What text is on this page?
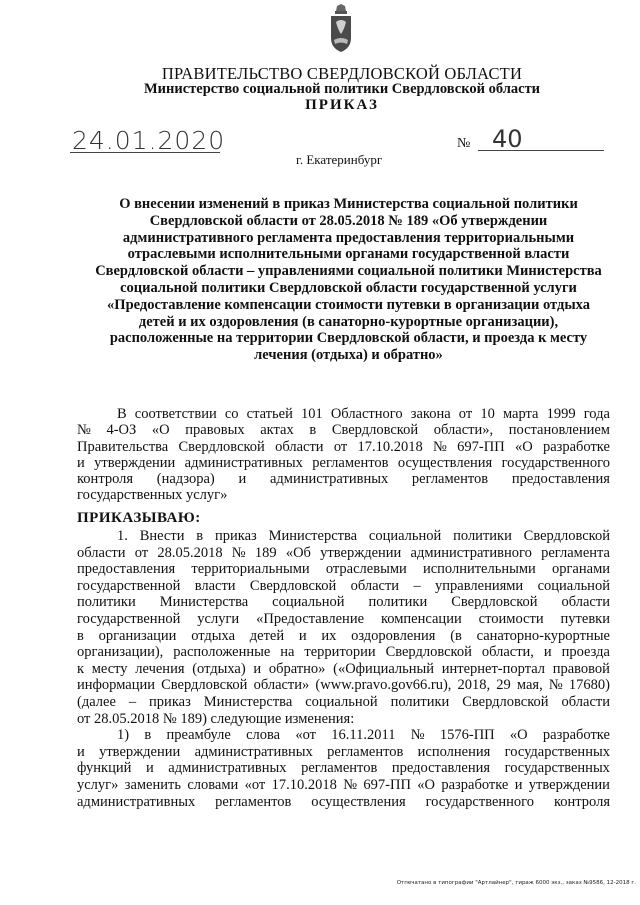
ПРАВИТЕЛЬСТВО СВЕРДЛОВСКОЙ ОБЛАСТИ
Министерство социальной политики Свердловской области
ПРИКАЗ
24.01.2020	№ 40
г. Екатеринбург
О внесении изменений в приказ Министерства социальной политики
Свердловской области от 28.05.2018 № 189 «Об утверждении
административного регламента предоставления территориальными
отраслевыми исполнительными органами государственной власти
Свердловской области – управлениями социальной политики Министерства
социальной политики Свердловской области государственной услуги
«Предоставление компенсации стоимости путевки в организации отдыха
детей и их оздоровления (в санаторно-курортные организации),
расположенные на территории Свердловской области, и проезда к месту
лечения (отдыха) и обратно»
В соответствии со статьей 101 Областного закона от 10 марта 1999 года
№ 4-ОЗ «О правовых актах в Свердловской области», постановлением
Правительства Свердловской области от 17.10.2018 № 697-ПП «О разработке
и утверждении административных регламентов осуществления государственного
контроля (надзора) и административных регламентов предоставления
государственных услуг»
ПРИКАЗЫВАЮ:
1. Внести в приказ Министерства социальной политики Свердловской
области от 28.05.2018 № 189 «Об утверждении административного регламента
предоставления территориальными отраслевыми исполнительными органами
государственной власти Свердловской области – управлениями социальной
политики Министерства социальной политики Свердловской области
государственной услуги «Предоставление компенсации стоимости путевки
в организации отдыха детей и их оздоровления (в санаторно-курортные
организации), расположенные на территории Свердловской области, и проезда
к месту лечения (отдыха) и обратно» («Официальный интернет-портал правовой
информации Свердловской области» (www.pravo.gov66.ru), 2018, 29 мая, № 17680)
(далее – приказ Министерства социальной политики Свердловской области
от 28.05.2018 № 189) следующие изменения:
1) в преамбуле слова «от 16.11.2011 № 1576-ПП «О разработке
и утверждении административных регламентов исполнения государственных
функций и административных регламентов предоставления государственных
услуг» заменить словами «от 17.10.2018 № 697-ПП «О разработке и утверждении
административных регламентов осуществления государственного контроля
Отпечатано в типографии "Артлайнер", тираж 6000 экз., заказ №9586, 12-2018 г.
